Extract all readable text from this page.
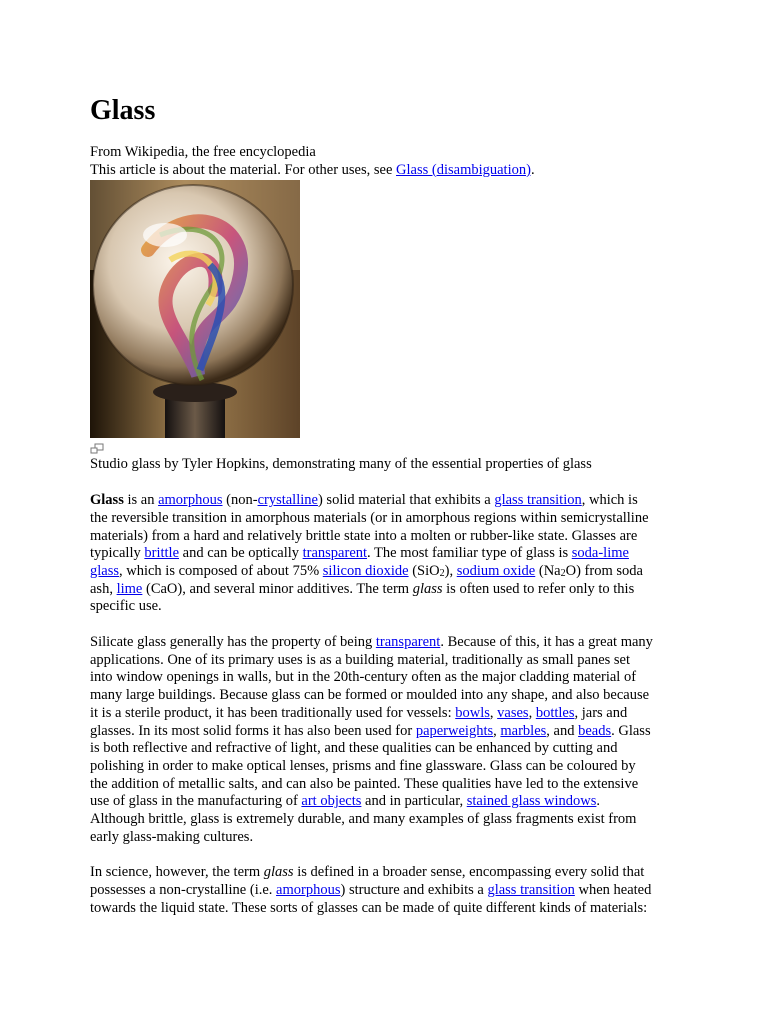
Glass
From Wikipedia, the free encyclopedia
This article is about the material. For other uses, see Glass (disambiguation).
Studio glass by Tyler Hopkins, demonstrating many of the essential properties of glass
Glass is an amorphous (non-crystalline) solid material that exhibits a glass transition, which is
the reversible transition in amorphous materials (or in amorphous regions within semicrystalline
materials) from a hard and relatively brittle state into a molten or rubber-like state. Glasses are
typically brittle and can be optically transparent. The most familiar type of glass is soda-lime
glass, which is composed of about 75% silicon dioxide (SiO$_2$), sodium oxide $(Na_2O)$ from soda
ash, lime (CaO), and several minor additives. The term glass is often used to refer only to this
specific use.
Silicate glass generally has the property of being transparent. Because of this, it has a great many
applications. One of its primary uses is as a building material, traditionally as small panes set
into window openings in walls, but in the 20th-century often as the major cladding material of
many large buildings. Because glass can be formed or moulded into any shape, and also because
it is a sterile product, it has been traditionally used for vessels: bowls, vases, bottles, jars and
glasses. In its most solid forms it has also been used for paperweights, marbles, and beads. Glass
is both reflective and refractive of light, and these qualities can be enhanced by cutting and
polishing in order to make optical lenses, prisms and fine glassware. Glass can be coloured by
the addition of metallic salts, and can also be painted. These qualities have led to the extensive
use of glass in the manufacturing of art objects and in particular, stained glass windows.
Although brittle, glass is extremely durable, and many examples of glass fragments exist from
early glass-making cultures.
In science, however, the term glass is defined in a broader sense, encompassing every solid that
possesses a non-crystalline (i.e. amorphous) structure and exhibits a glass transition when heated
towards the liquid state. These sorts of glasses can be made of quite different kinds of materials:
